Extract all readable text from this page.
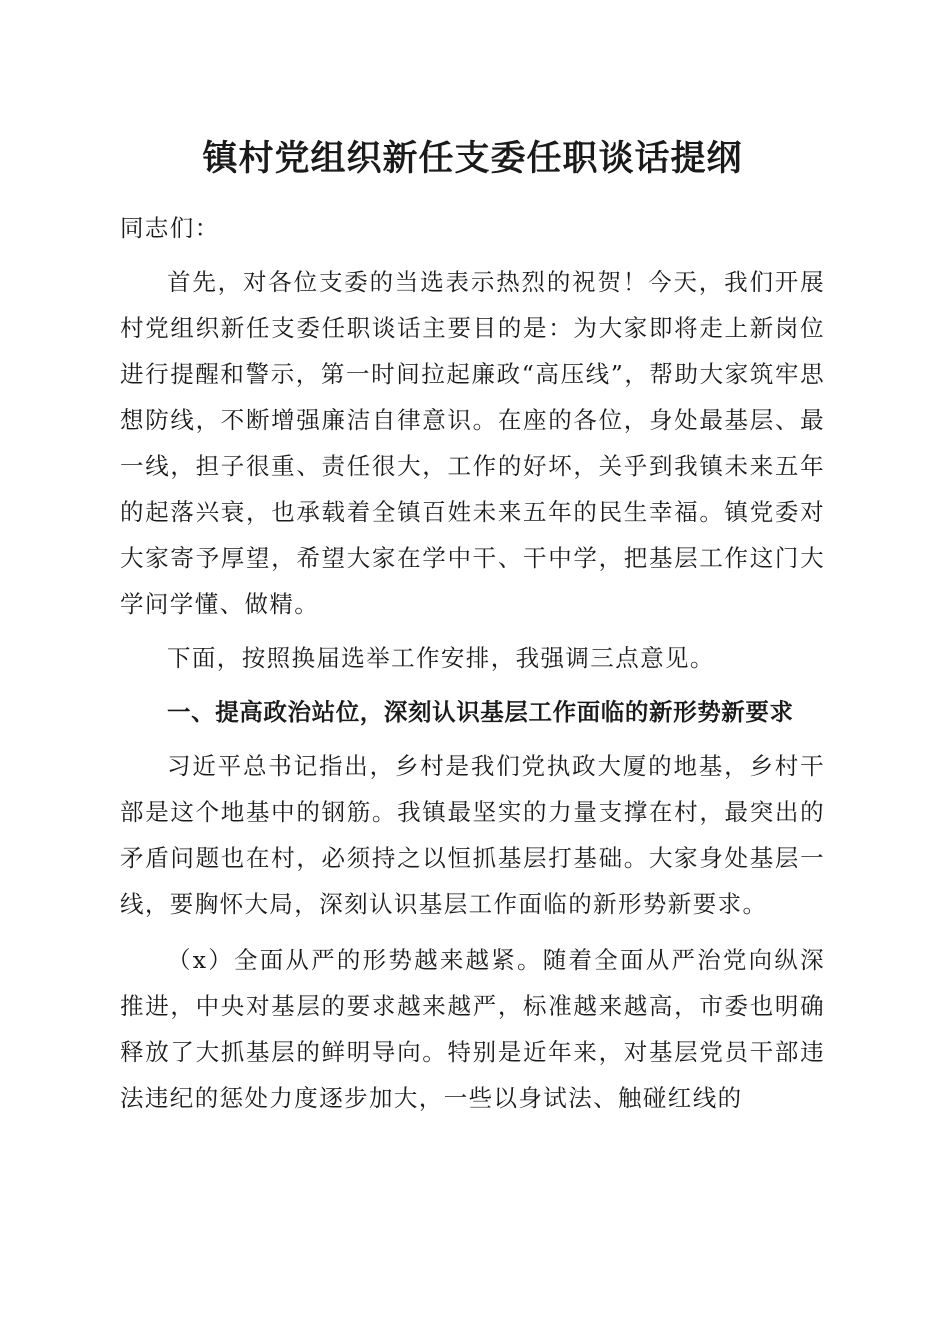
镇村党组织新任支委任职谈话提纲

同志们：

首先，对各位支委的当选表示热烈的祝贺！今天，我们开展村党组织新任支委任职谈话主要目的是：为大家即将走上新岗位进行提醒和警示，第一时间拉起廉政“高压线”，帮助大家筑牢思想防线，不断增强廉洁自律意识。在座的各位，身处最基层、最一线，担子很重、责任很大，工作的好坏，关乎到我镇未来五年的起落兴衰，也承载着全镇百姓未来五年的民生幸福。镇党委对大家寄予厚望，希望大家在学中干、干中学，把基层工作这门大学问学懂、做精。

下面，按照换届选举工作安排，我强调三点意见。

一、提高政治站位，深刻认识基层工作面临的新形势新要求

习近平总书记指出，乡村是我们党执政大厦的地基，乡村干部是这个地基中的钢筋。我镇最坚实的力量支撑在村，最突出的矛盾问题也在村，必须持之以恒抓基层打基础。大家身处基层一线，要胸怀大局，深刻认识基层工作面临的新形势新要求。

（x）全面从严的形势越来越紧。随着全面从严治党向纵深推进，中央对基层的要求越来越严，标准越来越高，市委也明确释放了大抓基层的鲜明导向。特别是近年来，对基层党员干部违法违纪的惩处力度逐步加大，一些以身试法、触碰红线的
